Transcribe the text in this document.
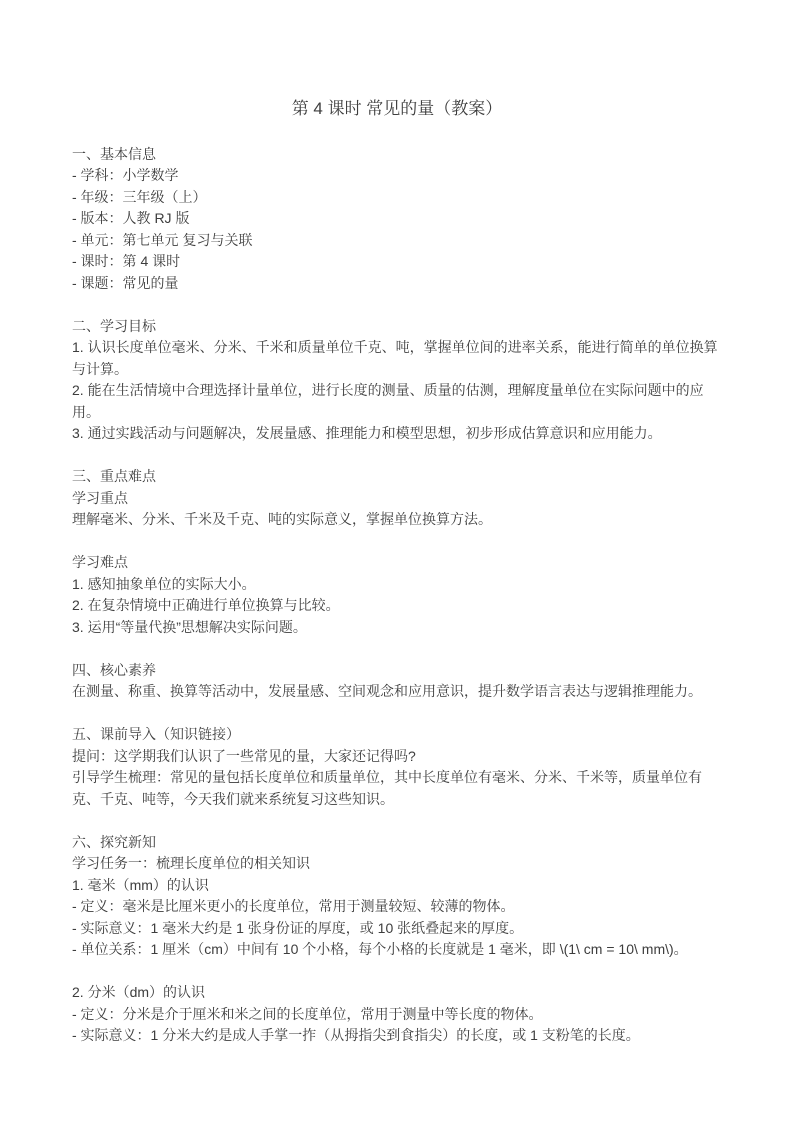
第 4 课时 常见的量（教案）

一、基本信息

- 学科：小学数学

- 年级：三年级（上）

- 版本：人教 RJ 版

- 单元：第七单元 复习与关联

- 课时：第 4 课时

- 课题：常见的量

二、学习目标

1. 认识长度单位毫米、分米、千米和质量单位千克、吨，掌握单位间的进率关系，能进行简单的单位换算与计算。

2. 能在生活情境中合理选择计量单位，进行长度的测量、质量的估测，理解度量单位在实际问题中的应用。

3. 通过实践活动与问题解决，发展量感、推理能力和模型思想，初步形成估算意识和应用能力。

三、重点难点

学习重点

理解毫米、分米、千米及千克、吨的实际意义，掌握单位换算方法。

学习难点

1. 感知抽象单位的实际大小。

2. 在复杂情境中正确进行单位换算与比较。

3. 运用“等量代换”思想解决实际问题。

四、核心素养

在测量、称重、换算等活动中，发展量感、空间观念和应用意识，提升数学语言表达与逻辑推理能力。

五、课前导入（知识链接）

提问：这学期我们认识了一些常见的量，大家还记得吗?

引导学生梳理：常见的量包括长度单位和质量单位，其中长度单位有毫米、分米、千米等，质量单位有克、千克、吨等，今天我们就来系统复习这些知识。

六、探究新知

学习任务一：梳理长度单位的相关知识

1. 毫米（mm）的认识

- 定义：毫米是比厘米更小的长度单位，常用于测量较短、较薄的物体。

- 实际意义：1 毫米大约是 1 张身份证的厚度，或 10 张纸叠起来的厚度。

- 单位关系：1 厘米（cm）中间有 10 个小格，每个小格的长度就是 1 毫米，即 \(1\ cm = 10\ mm\)。

2. 分米（dm）的认识

- 定义：分米是介于厘米和米之间的长度单位，常用于测量中等长度的物体。

- 实际意义：1 分米大约是成人手掌一拃（从拇指尖到食指尖）的长度，或 1 支粉笔的长度。
